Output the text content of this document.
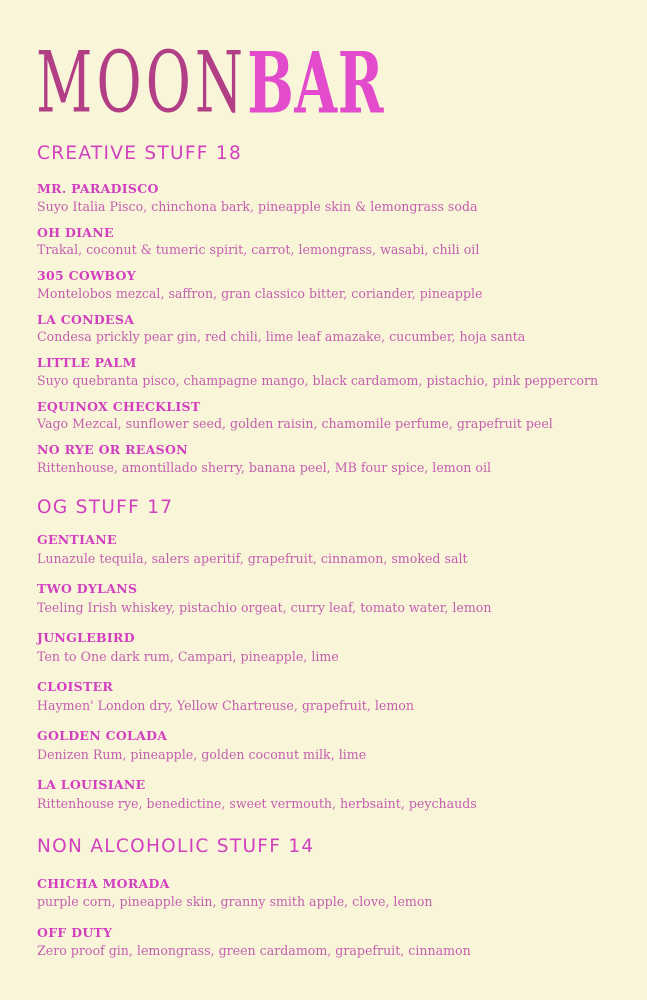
MOON BAR
CREATIVE STUFF 18
MR. PARADISCO
Suyo Italia Pisco, chinchona bark, pineapple skin & lemongrass soda
OH DIANE
Trakal, coconut & tumeric spirit, carrot, lemongrass, wasabi, chili oil
305 COWBOY
Montelobos mezcal, saffron, gran classico bitter, coriander, pineapple
LA CONDESA
Condesa prickly pear gin, red chili, lime leaf amazake, cucumber, hoja santa
LITTLE PALM
Suyo quebranta pisco, champagne mango, black cardamom, pistachio, pink peppercorn
EQUINOX CHECKLIST
Vago Mezcal, sunflower seed, golden raisin, chamomile perfume, grapefruit peel
NO RYE OR REASON
Rittenhouse, amontillado sherry, banana peel, MB four spice, lemon oil
OG STUFF 17
GENTIANE
Lunazule tequila, salers aperitif, grapefruit, cinnamon, smoked salt
TWO DYLANS
Teeling Irish whiskey, pistachio orgeat, curry leaf, tomato water, lemon
JUNGLEBIRD
Ten to One dark rum, Campari, pineapple, lime
CLOISTER
Haymen' London dry, Yellow Chartreuse, grapefruit, lemon
GOLDEN COLADA
Denizen Rum, pineapple, golden coconut milk, lime
LA LOUISIANE
Rittenhouse rye, benedictine, sweet vermouth, herbsaint, peychauds
NON ALCOHOLIC STUFF 14
CHICHA MORADA
purple corn, pineapple skin, granny smith apple, clove, lemon
OFF DUTY
Zero proof gin, lemongrass, green cardamom, grapefruit, cinnamon
